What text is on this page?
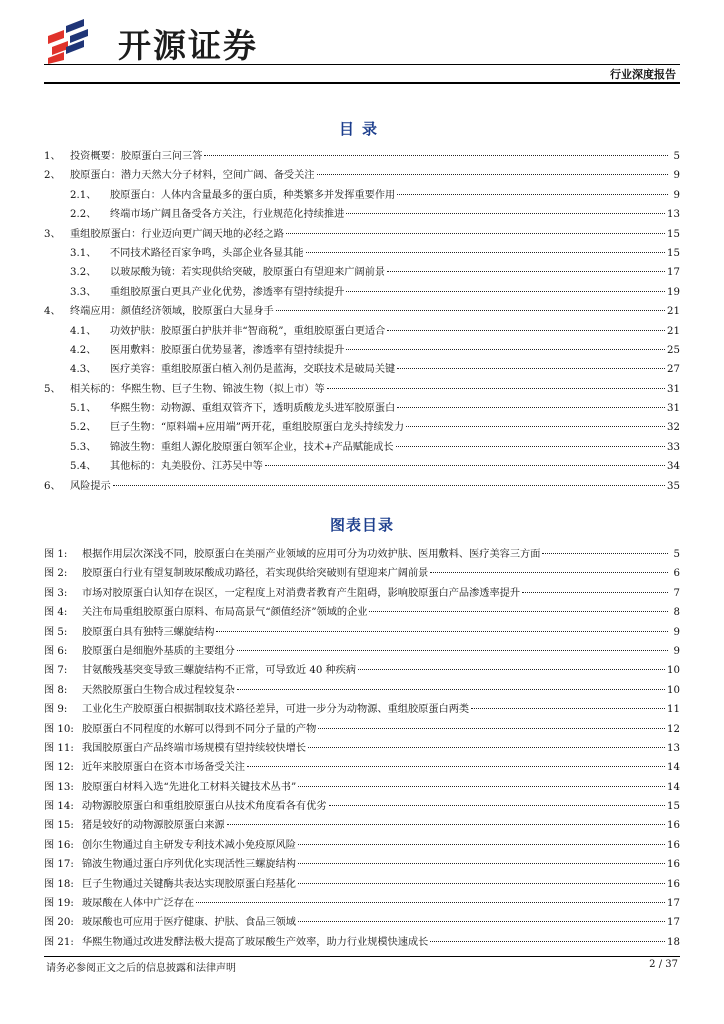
开源证券
行业深度报告
目录
1、 投资概要：胶原蛋白三问三答	5
2、 胶原蛋白：潜力天然大分子材料，空间广阔、备受关注	9
2.1、	胶原蛋白：人体内含量最多的蛋白质，种类繁多并发挥重要作用	9
2.2、	终端市场广阔且备受各方关注，行业规范化持续推进	13
3、 重组胶原蛋白：行业迈向更广阔天地的必经之路	15
3.1、	不同技术路径百家争鸣，头部企业各显其能	15
3.2、	以玻尿酸为镜：若实现供给突破，胶原蛋白有望迎来广阔前景	17
3.3、	重组胶原蛋白更具产业化优势，渗透率有望持续提升	19
4、 终端应用：颜值经济领域，胶原蛋白大显身手	21
4.1、	功效护肤：胶原蛋白护肤并非“智商税”，重组胶原蛋白更适合	21
4.2、	医用敷料：胶原蛋白优势显著，渗透率有望持续提升	25
4.3、	医疗美容：重组胶原蛋白植入剂仍是蓝海，交联技术是破局关键	27
5、 相关标的：华熙生物、巨子生物、锦波生物（拟上市）等	31
5.1、	华熙生物：动物源、重组双管齐下，透明质酸龙头进军胶原蛋白	31
5.2、	巨子生物：“原料端+应用端”两开花，重组胶原蛋白龙头持续发力	32
5.3、	锦波生物：重组人源化胶原蛋白领军企业，技术+产品赋能成长	33
5.4、	其他标的：丸美股份、江苏吴中等	34
6、 风险提示	35
图表目录
图 1:	根据作用层次深浅不同，胶原蛋白在美丽产业领域的应用可分为功效护肤、医用敷料、医疗美容三方面	5
图 2:	胶原蛋白行业有望复制玻尿酸成功路径，若实现供给突破则有望迎来广阔前景	6
图 3:	市场对胶原蛋白认知存在误区，一定程度上对消费者教育产生阻碍，影响胶原蛋白产品渗透率提升	7
图 4:	关注布局重组胶原蛋白原料、布局高景气“颜值经济”领域的企业	8
图 5:	胶原蛋白具有独特三螺旋结构	9
图 6:	胶原蛋白是细胞外基质的主要组分	9
图 7:	甘氨酸残基突变导致三螺旋结构不正常，可导致近 40 种疾病	10
图 8:	天然胶原蛋白生物合成过程较复杂	10
图 9:	工业化生产胶原蛋白根据制取技术路径差异，可进一步分为动物源、重组胶原蛋白两类	11
图 10: 胶原蛋白不同程度的水解可以得到不同分子量的产物	12
图 11: 我国胶原蛋白产品终端市场规模有望持续较快增长	13
图 12: 近年来胶原蛋白在资本市场备受关注	14
图 13: 胶原蛋白材料入选“先进化工材料关键技术丛书”	14
图 14: 动物源胶原蛋白和重组胶原蛋白从技术角度看各有优劣	15
图 15: 猪是较好的动物源胶原蛋白来源	16
图 16: 创尔生物通过自主研发专利技术减小免疫原风险	16
图 17: 锦波生物通过蛋白序列优化实现活性三螺旋结构	16
图 18: 巨子生物通过关键酶共表达实现胶原蛋白羟基化	16
图 19: 玻尿酸在人体中广泛存在	17
图 20: 玻尿酸也可应用于医疗健康、护肤、食品三领域	17
图 21: 华熙生物通过改进发酵法极大提高了玻尿酸生产效率，助力行业规模快速成长	18
请务必参阅正文之后的信息披露和法律声明	2 / 37
